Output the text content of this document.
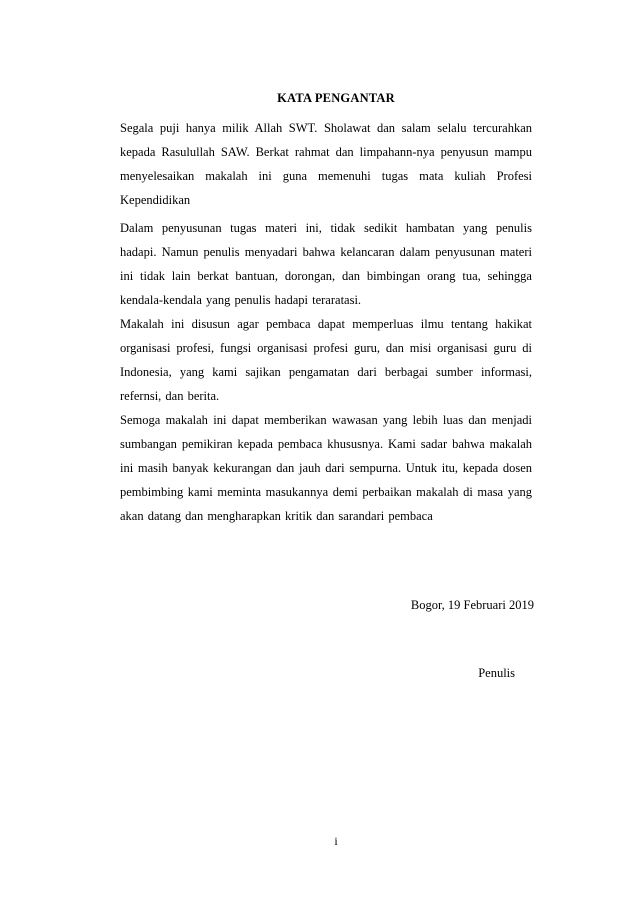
KATA PENGANTAR

Segala puji hanya milik Allah SWT. Sholawat dan salam selalu tercurahkan kepada Rasulullah SAW. Berkat rahmat dan limpahann-nya penyusun mampu menyelesaikan makalah ini guna memenuhi tugas mata kuliah Profesi Kependidikan

Dalam penyusunan tugas materi ini, tidak sedikit hambatan yang penulis hadapi. Namun penulis menyadari bahwa kelancaran dalam penyusunan materi ini tidak lain berkat bantuan, dorongan, dan bimbingan orang tua, sehingga kendala-kendala yang penulis hadapi teraratasi.

Makalah ini disusun agar pembaca dapat memperluas ilmu tentang hakikat organisasi profesi, fungsi organisasi profesi guru, dan misi organisasi guru di Indonesia, yang kami sajikan pengamatan dari berbagai sumber informasi, refernsi, dan berita.

Semoga makalah ini dapat memberikan wawasan yang lebih luas dan menjadi sumbangan pemikiran kepada pembaca khususnya. Kami sadar bahwa makalah ini masih banyak kekurangan dan jauh dari sempurna. Untuk itu, kepada dosen pembimbing kami meminta masukannya demi perbaikan makalah di masa yang akan datang dan mengharapkan kritik dan sarandari pembaca

Bogor, 19 Februari 2019
Penulis
i
